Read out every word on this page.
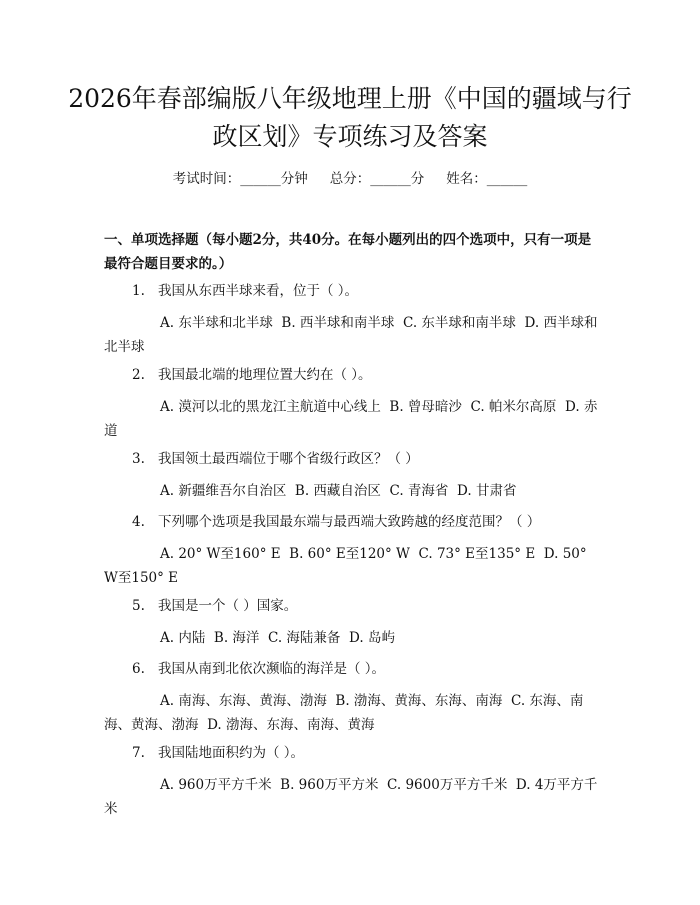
2026年春部编版八年级地理上册《中国的疆域与行政区划》专项练习及答案
考试时间：______分钟 总分：______分 姓名：______

一、单项选择题（每小题2分，共40分。在每小题列出的四个选项中，只有一项是最符合题目要求的。）

1. 我国从东西半球来看，位于（ ）。

A. 东半球和北半球  B. 西半球和南半球  C. 东半球和南半球  D. 西半球和北半球

2. 我国最北端的地理位置大约在（ ）。

A. 漠河以北的黑龙江主航道中心线上  B. 曾母暗沙  C. 帕米尔高原  D. 赤道

3. 我国领土最西端位于哪个省级行政区？（ ）

A. 新疆维吾尔自治区  B. 西藏自治区  C. 青海省  D. 甘肃省

4. 下列哪个选项是我国最东端与最西端大致跨越的经度范围？（ ）

A. 20° W至160° E  B. 60° E至120° W  C. 73° E至135° E  D. 50° W至150° E

5. 我国是一个（ ）国家。

A. 内陆  B. 海洋  C. 海陆兼备  D. 岛屿

6. 我国从南到北依次濒临的海洋是（ ）。

A. 南海、东海、黄海、渤海  B. 渤海、黄海、东海、南海  C. 东海、南海、黄海、渤海  D. 渤海、东海、南海、黄海

7. 我国陆地面积约为（ ）。

A. 960万平方千米  B. 960万平方米  C. 9600万平方千米  D. 4万平方千米
